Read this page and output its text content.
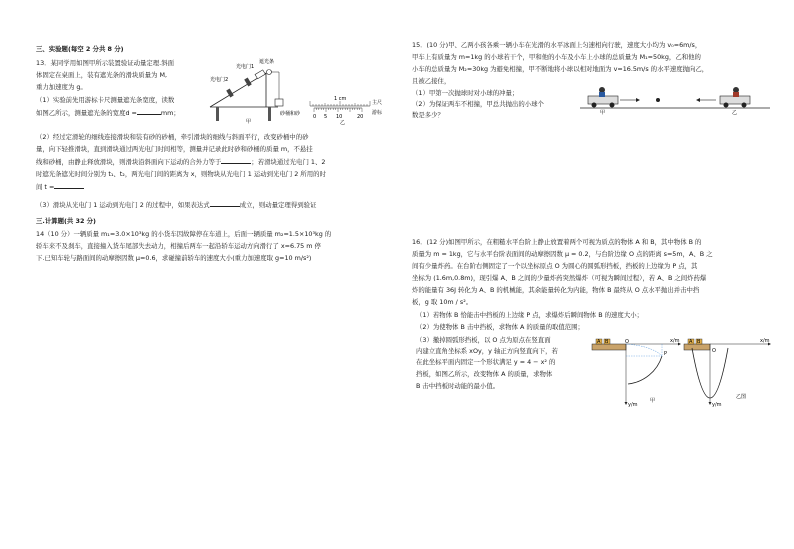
三、实验题(每空 2 分共 8 分)
13．某同学用如图甲所示装置验证动量定理.斜面
体固定在桌面上，装有遮光条的滑块质量为 M,
重力加速度为 g。
（1）实验前先用游标卡尺测量遮光条宽度，读数
如图乙所示，测量遮光条的宽度d =	mm；
光电门2
光电门1
遮光条
砂桶和砂
甲
1 cm
主尺
游标
0 5 10	20
乙
（2）经过定滑轮的细线连接滑块和装有砂的砂桶，牵引滑块的细线与斜面平行，改变砂桶中的砂
量，向下轻推滑块，直到滑块通过两光电门时间相等，测量并记录此时砂和砂桶的质量 m，不悬挂
线和砂桶，由静止释放滑块，则滑块沿斜面向下运动的合外力等于	；若滑块通过光电门 1、2
时遮光条遮光时间分别为 t₁、t₂，两光电门间的距离为 x，则物块从光电门 1 运动到光电门 2 所用的时
间 t =
（3）滑块从光电门 1 运动到光电门 2 的过程中，如果表达式	成立，则动量定理得到验证
三.计算题(共 32 分)
14（10 分）一辆质量 m₁=3.0×10³kg 的小货车因故障停在车道上，后面一辆质量 m₂=1.5×10³kg 的
轿车来不及刹车，直接撞入货车尾部失去动力，相撞后两车一起沿轿车运动方向滑行了 x=6.75 m 停
下.已知车轮与路面间的动摩擦因数 μ=0.6，求碰撞前轿车的速度大小(重力加速度取 g=10 m/s²)
15．(10 分)甲、乙两小孩各乘一辆小车在光滑的水平冰面上匀速相向行驶，速度大小均为 v₀=6m/s，
甲车上有质量为 m=1kg 的小球若干个，甲和他的小车及小车上小球的总质量为 M₁=50kg，乙和他的
小车的总质量为 M₂=30kg 为避免相撞，甲不断地将小球以相对地面为 v=16.5m/s 的水平速度抛向乙，
且被乙接住，
（1）甲第一次抛球时对小球的冲量；
（2）为保证两车不相撞，甲总共抛出的小球个
数是多少？	甲	乙
16．(12 分)如图甲所示，在粗糙水平台阶上静止放置着两个可视为质点的物体 A 和 B，其中物体 B 的
质量为 m = 1kg，它与水平台阶表面间的动摩擦因数 μ = 0.2，与台阶边缘 O 点的距离 s=5m，A、B 之
间有少量炸药。在台阶右侧固定了一个以坐标原点 O 为圆心的圆弧形挡板，挡板的上边缘为 P 点，其
坐标为 (1.6m,0.8m)，现引爆 A、B 之间的少量炸药突然爆炸（可视为瞬间过程），若 A、B 之间炸药爆
炸的能量有 36J 转化为 A、B 的机械能，其余能量转化为内能，物体 B 最终从 O 点水平抛出并击中挡
板，g 取 10m / s²。
（1）若物体 B 恰能击中挡板的上边缘 P 点，求爆炸后瞬间物体 B 的速度大小；
（2）为使物体 B 击中挡板，求物体 A 的质量的取值范围；
（3）撤掉圆弧形挡板，以 O 点为原点在竖直面
内建立直角坐标系 xOy，y 轴正方向竖直向下，若
在此坐标平面内固定一个形状满足 y = 4 − x² 的
挡板，如图乙所示，改变物体 A 的质量，求物体
B 击中挡板时动能的最小值。
A B	O
P
x/m
y/m
甲
A B
O
x/m
y/m
乙图
